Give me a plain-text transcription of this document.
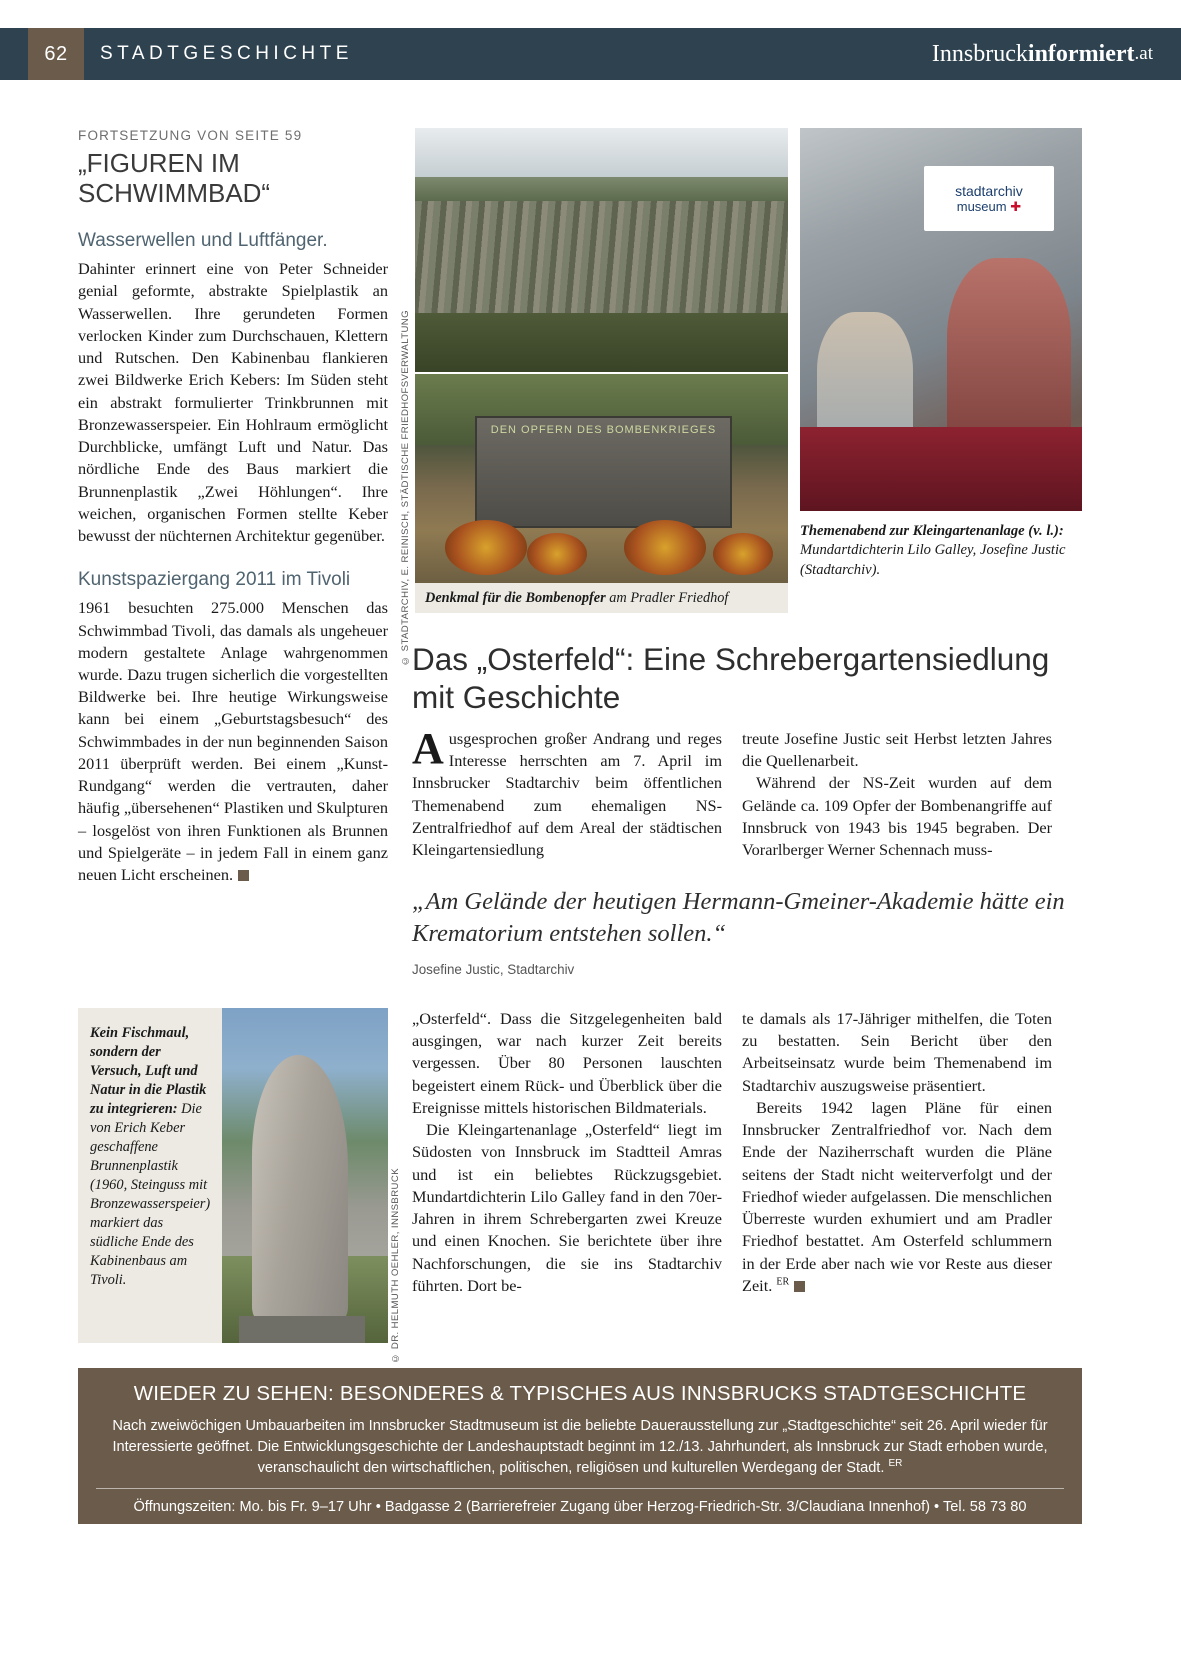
62 STADTGESCHICHTE	Innsbruck informiert .at
FORTSETZUNG VON SEITE 59
„FIGUREN IM SCHWIMMBAD“
Wasserwellen und Luftfänger.

Dahinter erinnert eine von Peter Schneider genial geformte, abstrakte Spielplastik an Wasserwellen. Ihre gerundeten Formen verlocken Kinder zum Durchschauen, Klettern und Rutschen. Den Kabinenbau flankieren zwei Bildwerke Erich Kebers: Im Süden steht ein abstrakt formulierter Trinkbrunnen mit Bronzewasserspeier. Ein Hohlraum ermöglicht Durchblicke, umfängt Luft und Natur. Das nördliche Ende des Baus markiert die Brunnenplastik „Zwei Höhlungen“. Ihre weichen, organischen Formen stellte Keber bewusst der nüchternen Architektur gegenüber.

Kunstspaziergang 2011 im Tivoli

1961 besuchten 275.000 Menschen das Schwimmbad Tivoli, das damals als ungeheuer modern gestaltete Anlage wahrgenommen wurde. Dazu trugen sicherlich die vorgestellten Bildwerke bei. Ihre heutige Wirkungsweise kann bei einem „Geburtstagsbesuch“ des Schwimmbades in der nun beginnenden Saison 2011 überprüft werden. Bei einem „Kunst-Rundgang“ werden die vertrauten, daher häufig „übersehenen“ Plastiken und Skulpturen – losgelöst von ihren Funktionen als Brunnen und Spielgeräte – in jedem Fall in einem ganz neuen Licht erscheinen.

© STADTARCHIV, E. REINISCH, STÄDTISCHE FRIEDHOFSVERWALTUNG	DEN OPFERN DES BOMBENKRIEGES
Denkmal für die Bombenopfer am Pradler Friedhof
stadtarchiv
museum ✚
Themenabend zur Kleingartenanlage (v. l.): Mundartdichterin Lilo Galley, Josefine Justic (Stadtarchiv).
Das „Osterfeld“: Eine Schrebergartensiedlung mit Geschichte

Ausgesprochen großer Andrang und reges Interesse herrschten am 7. April im Innsbrucker Stadtarchiv beim öffentlichen Themenabend zum ehemaligen NS-Zentralfriedhof auf dem Areal der städtischen Kleingartensiedlung

treute Josefine Justic seit Herbst letzten Jahres die Quellenarbeit.

Während der NS-Zeit wurden auf dem Gelände ca. 109 Opfer der Bombenangriffe auf Innsbruck von 1943 bis 1945 begraben. Der Vorarlberger Werner Schennach muss-

„Am Gelände der heutigen Hermann-Gmeiner-Akademie hätte ein Krematorium entstehen sollen.“
Josefine Justic, Stadtarchiv
Kein Fischmaul, sondern der Versuch, Luft und Natur in die Plastik zu integrieren: Die von Erich Keber geschaffene Brunnenplastik (1960, Steinguss mit Bronzewasserspeier) markiert das südliche Ende des Kabinenbaus am Tivoli.	© DR. HELMUTH OEHLER, INNSBRUCK

„Osterfeld“. Dass die Sitzgelegenheiten bald ausgingen, war nach kurzer Zeit bereits vergessen. Über 80 Personen lauschten begeistert einem Rück- und Überblick über die Ereignisse mittels historischen Bildmaterials.

Die Kleingartenanlage „Osterfeld“ liegt im Südosten von Innsbruck im Stadtteil Amras und ist ein beliebtes Rückzugsgebiet. Mundartdichterin Lilo Galley fand in den 70er-Jahren in ihrem Schrebergarten zwei Kreuze und einen Knochen. Sie berichtete über ihre Nachforschungen, die sie ins Stadtarchiv führten. Dort be-

te damals als 17-Jähriger mithelfen, die Toten zu bestatten. Sein Bericht über den Arbeitseinsatz wurde beim Themenabend im Stadtarchiv auszugsweise präsentiert.

Bereits 1942 lagen Pläne für einen Innsbrucker Zentralfriedhof vor. Nach dem Ende der Naziherrschaft wurden die Pläne seitens der Stadt nicht weiterverfolgt und der Friedhof wieder aufgelassen. Die menschlichen Überreste wurden exhumiert und am Pradler Friedhof bestattet. Am Osterfeld schlummern in der Erde aber nach wie vor Reste aus dieser Zeit. $^{ER}$

WIEDER ZU SEHEN: BESONDERES & TYPISCHES AUS INNSBRUCKS STADTGESCHICHTE
Nach zweiwöchigen Umbauarbeiten im Innsbrucker Stadtmuseum ist die beliebte Dauerausstellung zur „Stadtgeschichte“ seit 26. April wieder für Interessierte geöffnet. Die Entwicklungsgeschichte der Landeshauptstadt beginnt im 12./13. Jahrhundert, als Innsbruck zur Stadt erhoben wurde, veranschaulicht den wirtschaftlichen, politischen, religiösen und kulturellen Werdegang der Stadt. $^{ER}$
Öffnungszeiten: Mo. bis Fr. 9–17 Uhr • Badgasse 2 (Barrierefreier Zugang über Herzog-Friedrich-Str. 3/Claudiana Innenhof) • Tel. 58 73 80
